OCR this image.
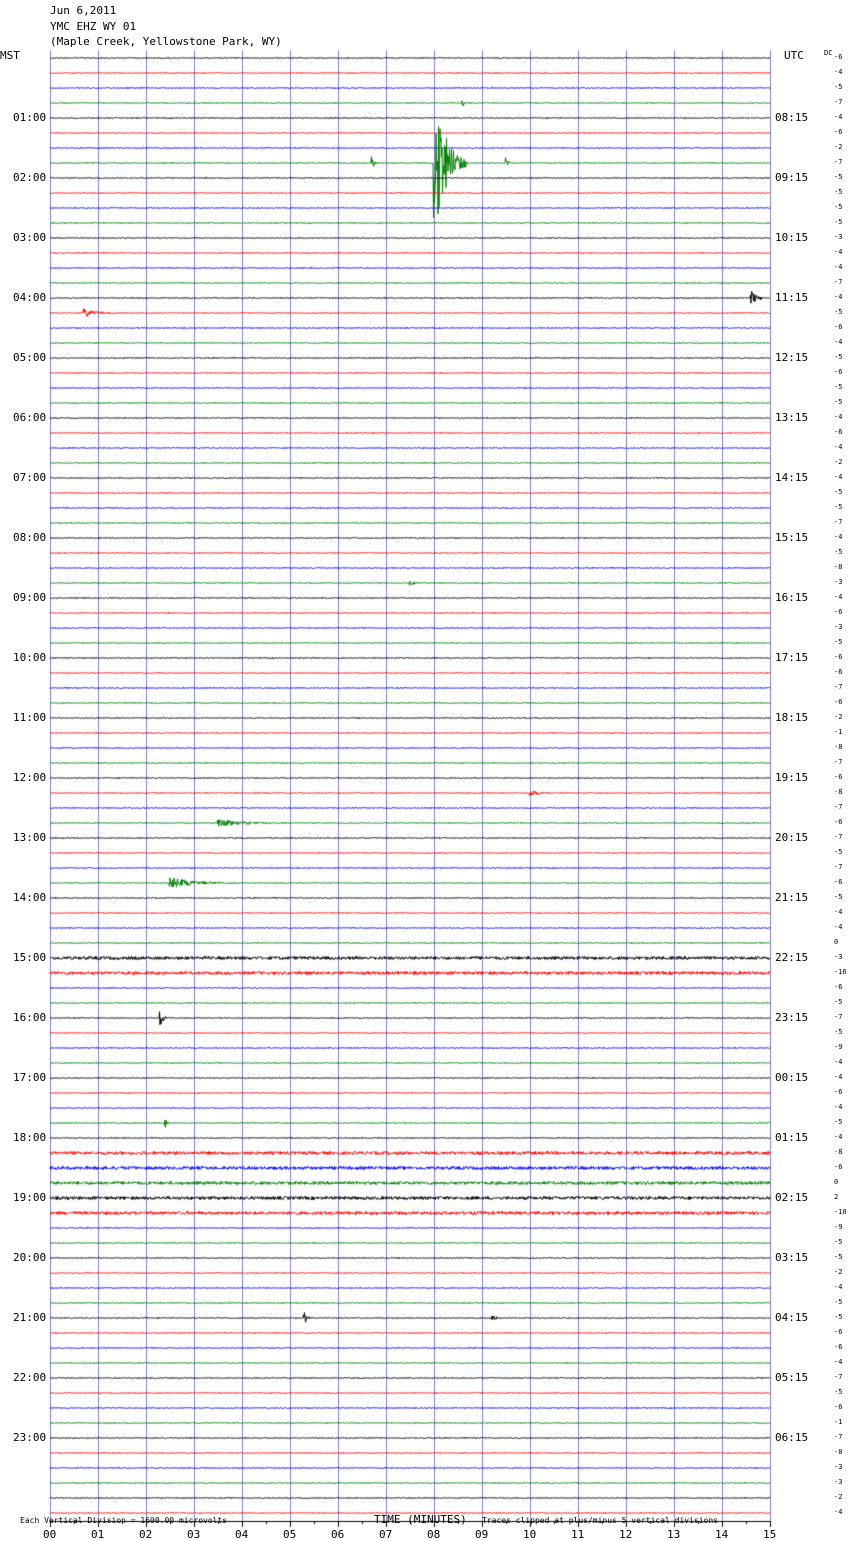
Jun 6,2011
YMC EHZ WY 01
(Maple Creek, Yellowstone Park, WY)
MST	UTC	DC
01:00
02:00
03:00
04:00
05:00
06:00
07:00
08:00
09:00
10:00
11:00
12:00
13:00
14:00
15:00
16:00
17:00
18:00
19:00
20:00
21:00
22:00
23:00
08:15
09:15
10:15
11:15
12:15
13:15
14:15
15:15
16:15
17:15
18:15
19:15
20:15
21:15
22:15
23:15
00:15
01:15
02:15
03:15
04:15
05:15
06:15
-6
-4
-5
-7
-4
-6
-2
-7
-5
-5
-5
-5
-3
-4
-4
-7
-4
-5
-6
-4
-5
-6
-5
-5
-4
-6
-4
-2
-4
-5
-5
-7
-4
-5
-8
-3
-4
-6
-3
-5
-6
-6
-7
-6
-2
-1
-8
-7
-6
-8
-7
-6
-7
-5
-7
-6
-5
-4
-4
0
-3
-16
-6
-5
-7
-5
-9
-4
-4
-6
-4
-5
-4
-8
-6
0
2
-10
-9
-5
-5
-2
-4
-5
-5
-6
-6
-4
-7
-5
-6
-1
-7
-8
-3
-3
-2
-4
00	01	02	03	04	05	06	07	08	09	10	11	12	13	14	15
Each Vertical Division = 1600.00 microvolts	TIME (MINUTES) Traces clipped at plus/minus 5 vertical divisions
